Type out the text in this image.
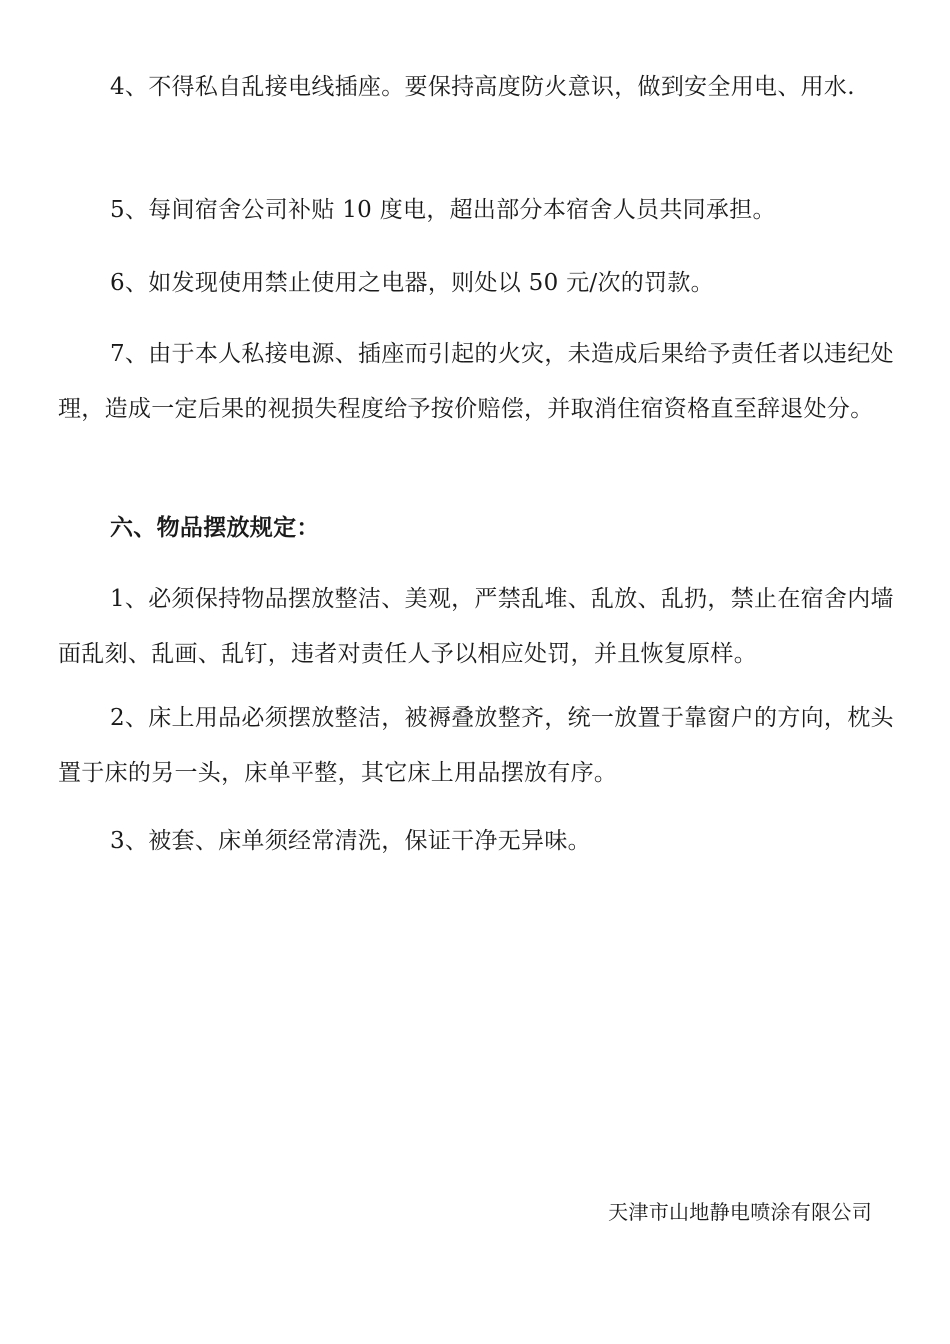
4、不得私自乱接电线插座。要保持高度防火意识，做到安全用电、用水.

5、每间宿舍公司补贴 10 度电，超出部分本宿舍人员共同承担。

6、如发现使用禁止使用之电器，则处以 50 元/次的罚款。

7、由于本人私接电源、插座而引起的火灾，未造成后果给予责任者以违纪处理，造成一定后果的视损失程度给予按价赔偿，并取消住宿资格直至辞退处分。

六、物品摆放规定：

1、必须保持物品摆放整洁、美观，严禁乱堆、乱放、乱扔，禁止在宿舍内墙面乱刻、乱画、乱钉，违者对责任人予以相应处罚，并且恢复原样。

2、床上用品必须摆放整洁，被褥叠放整齐，统一放置于靠窗户的方向，枕头置于床的另一头，床单平整，其它床上用品摆放有序。

3、被套、床单须经常清洗，保证干净无异味。

天津市山地静电喷涂有限公司
